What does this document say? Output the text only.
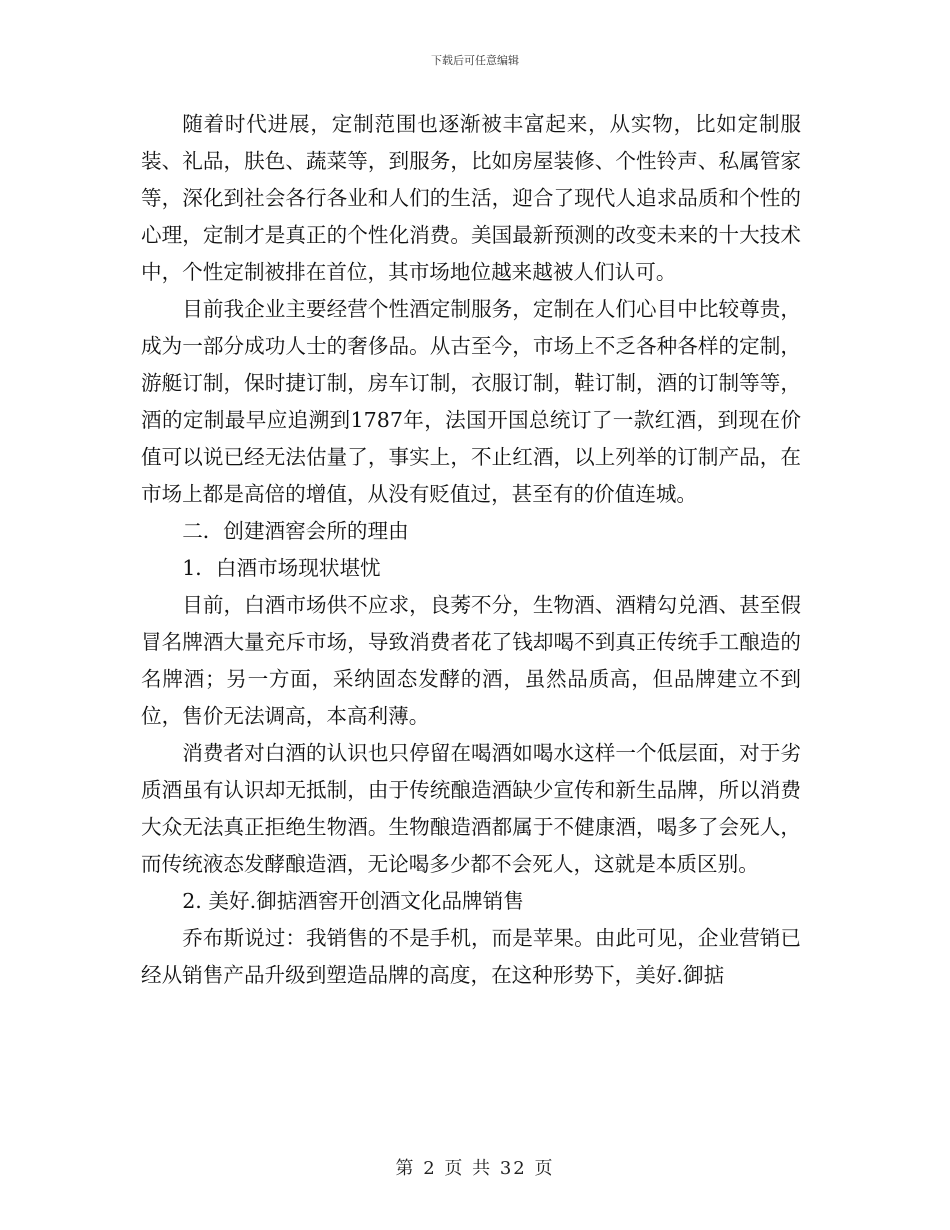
下载后可任意编辑

随着时代进展，定制范围也逐渐被丰富起来，从实物，比如定制服装、礼品，肤色、蔬菜等，到服务，比如房屋装修、个性铃声、私属管家等，深化到社会各行各业和人们的生活，迎合了现代人追求品质和个性的心理，定制才是真正的个性化消费。美国最新预测的改变未来的十大技术中，个性定制被排在首位，其市场地位越来越被人们认可。

目前我企业主要经营个性酒定制服务，定制在人们心目中比较尊贵，成为一部分成功人士的奢侈品。从古至今，市场上不乏各种各样的定制，游艇订制，保时捷订制，房车订制，衣服订制，鞋订制，酒的订制等等，酒的定制最早应追溯到1787年，法国开国总统订了一款红酒，到现在价值可以说已经无法估量了，事实上，不止红酒，以上列举的订制产品，在市场上都是高倍的增值，从没有贬值过，甚至有的价值连城。

二．创建酒窖会所的理由

1．白酒市场现状堪忧

目前，白酒市场供不应求，良莠不分，生物酒、酒精勾兑酒、甚至假冒名牌酒大量充斥市场，导致消费者花了钱却喝不到真正传统手工酿造的名牌酒；另一方面，采纳固态发酵的酒，虽然品质高，但品牌建立不到位，售价无法调高，本高利薄。

消费者对白酒的认识也只停留在喝酒如喝水这样一个低层面，对于劣质酒虽有认识却无抵制，由于传统酿造酒缺少宣传和新生品牌，所以消费大众无法真正拒绝生物酒。生物酿造酒都属于不健康酒，喝多了会死人，而传统液态发酵酿造酒，无论喝多少都不会死人，这就是本质区别。

2. 美好.御掂酒窖开创酒文化品牌销售

乔布斯说过：我销售的不是手机，而是苹果。由此可见，企业营销已经从销售产品升级到塑造品牌的高度，在这种形势下，美好.御掂

第 2 页 共 32 页
